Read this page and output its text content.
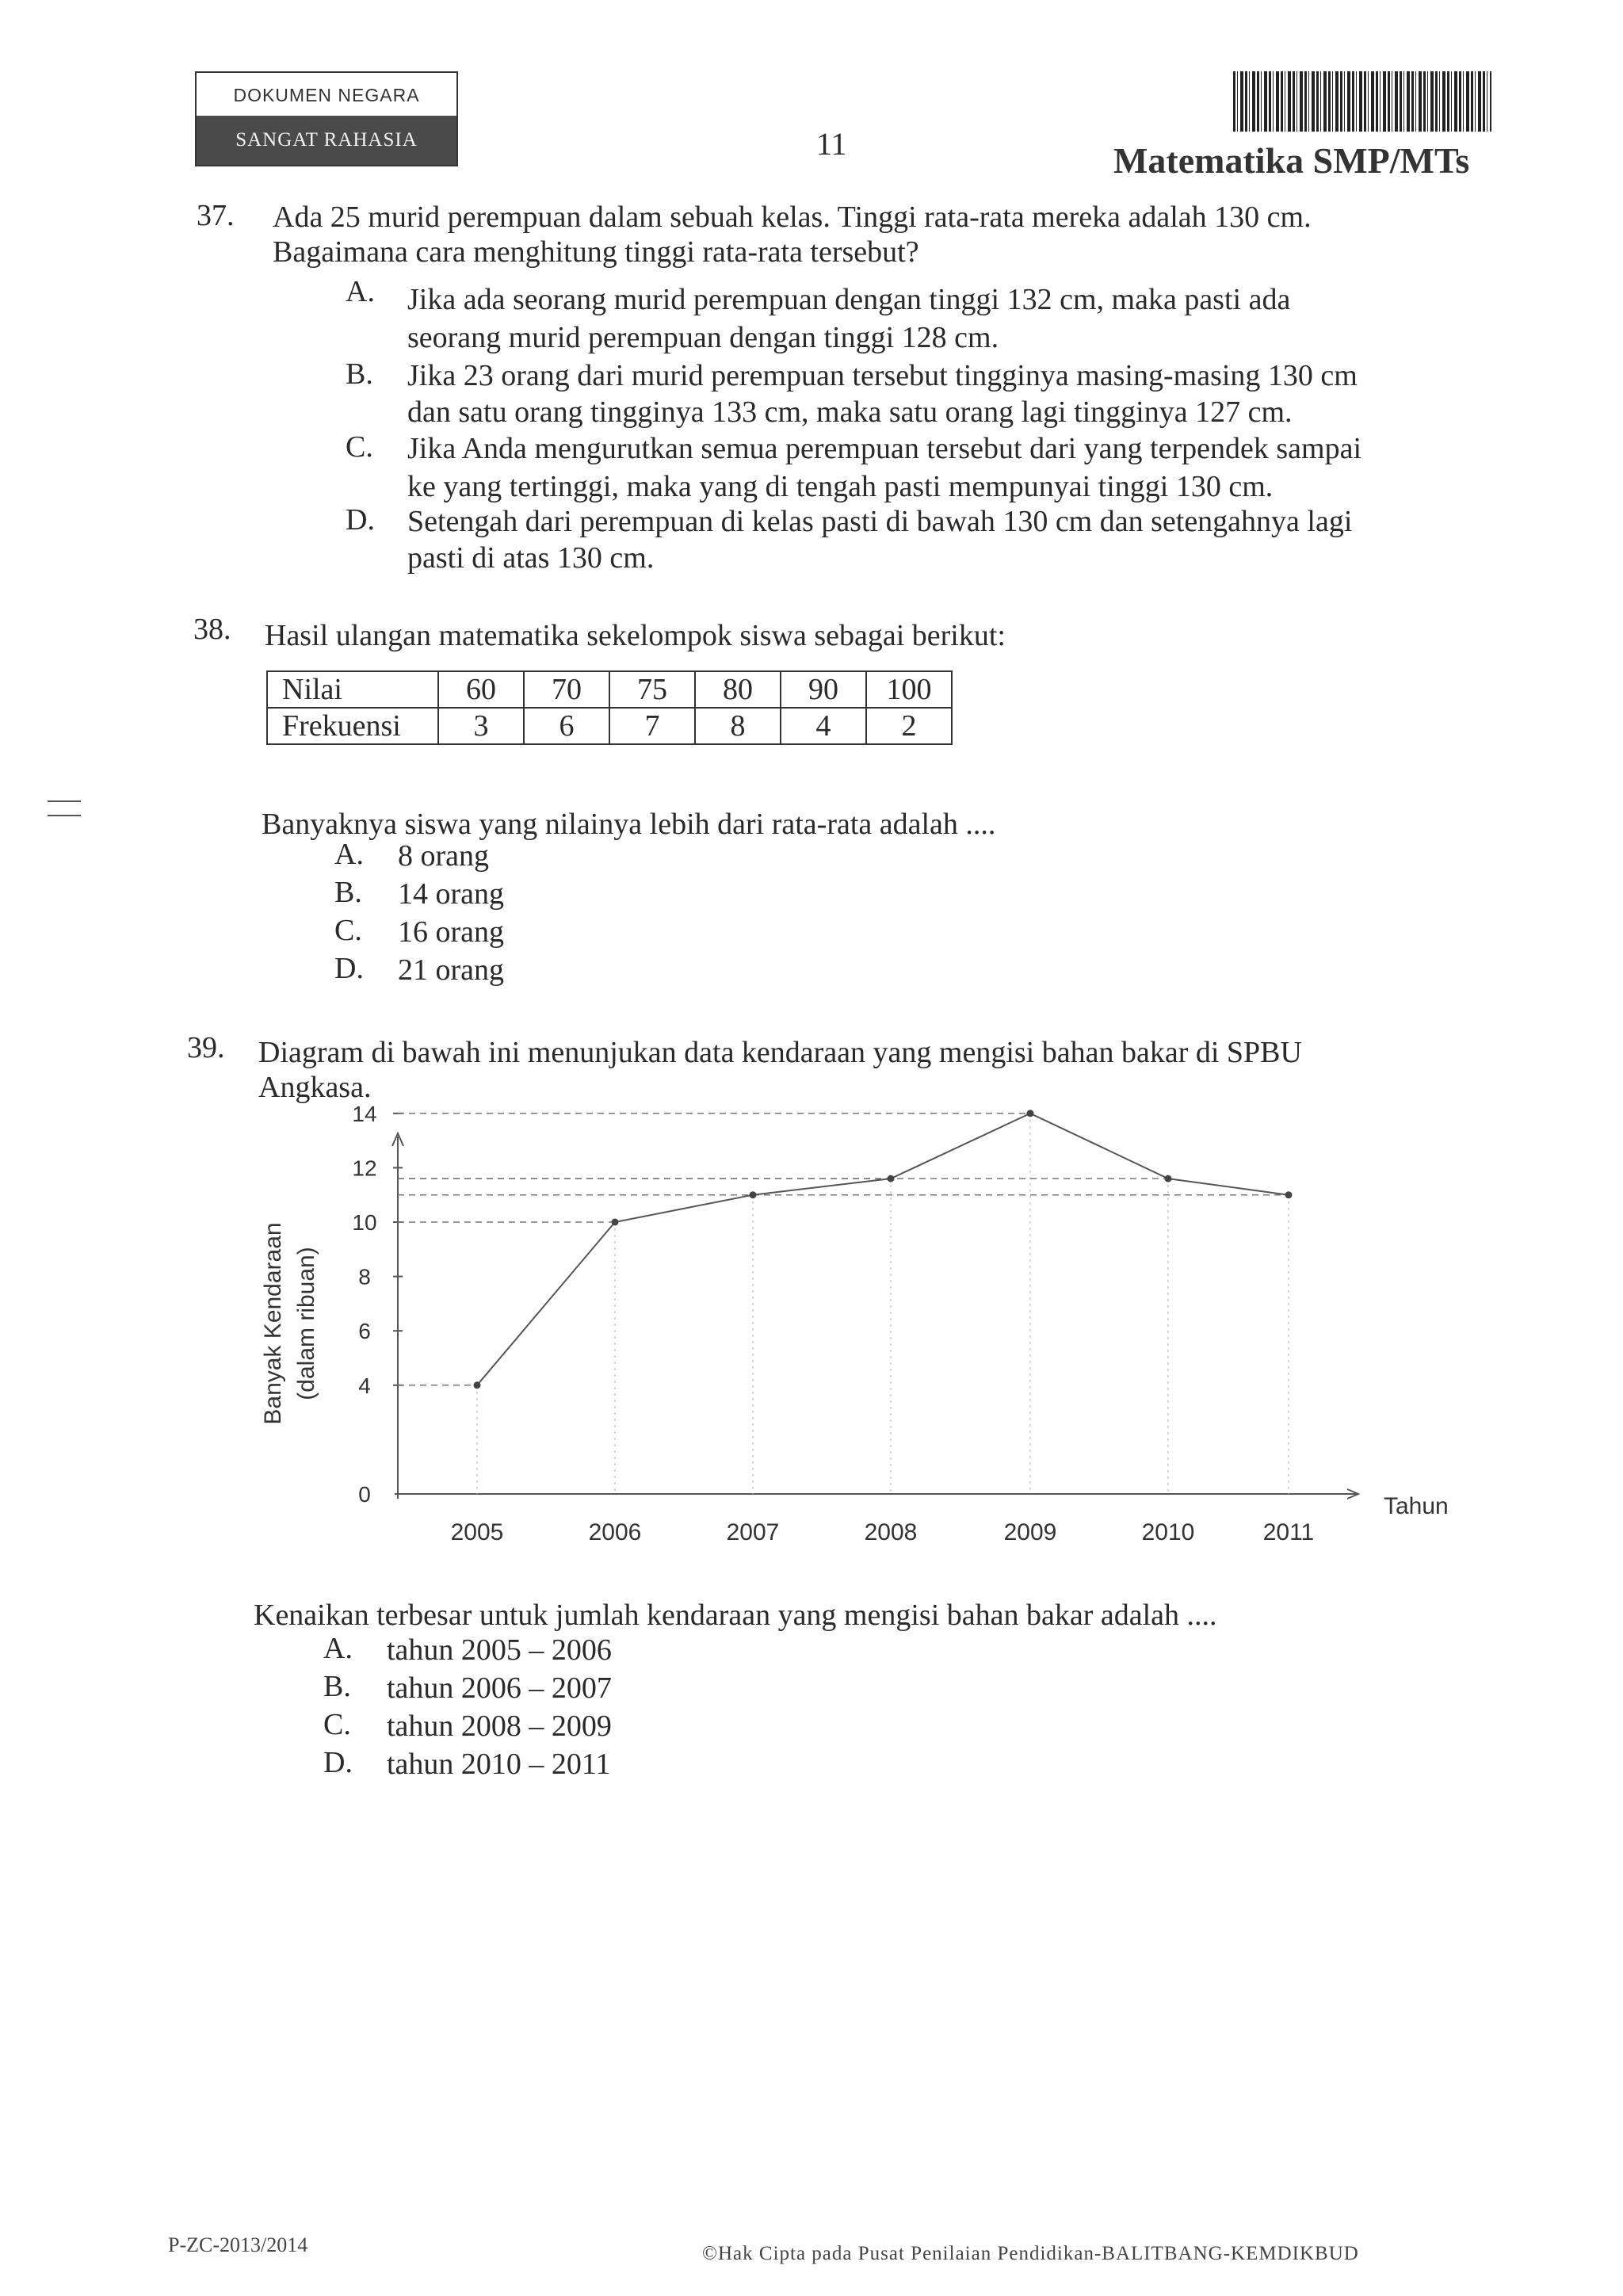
DOKUMEN NEGARA
SANGAT RAHASIA	11	Matematika SMP/MTs
37. Ada 25 murid perempuan dalam sebuah kelas. Tinggi rata-rata mereka adalah 130 cm.
Bagaimana cara menghitung tinggi rata-rata tersebut?
A. Jika ada seorang murid perempuan dengan tinggi 132 cm, maka pasti ada
seorang murid perempuan dengan tinggi 128 cm.
B. Jika 23 orang dari murid perempuan tersebut tingginya masing-masing 130 cm
dan satu orang tingginya 133 cm, maka satu orang lagi tingginya 127 cm.
C. Jika Anda mengurutkan semua perempuan tersebut dari yang terpendek sampai
ke yang tertinggi, maka yang di tengah pasti mempunyai tinggi 130 cm.
D. Setengah dari perempuan di kelas pasti di bawah 130 cm dan setengahnya lagi
pasti di atas 130 cm.
38. Hasil ulangan matematika sekelompok siswa sebagai berikut:
Nilai	60	70	75	80	90	100
Frekuensi	3	6	7	8	4	2
Banyaknya siswa yang nilainya lebih dari rata-rata adalah ....
A. 8 orang
B. 14 orang
C. 16 orang
D. 21 orang
39. Diagram di bawah ini menunjukan data kendaraan yang mengisi bahan bakar di SPBU
Angkasa.
0
4
6
8
10
12
14
Banyak Kendaraan (dalam ribuan)
Tahun
2005	2006	2007	2008	2009	2010	2011
Kenaikan terbesar untuk jumlah kendaraan yang mengisi bahan bakar adalah ....
A. tahun 2005 – 2006
B. tahun 2006 – 2007
C. tahun 2008 – 2009
D. tahun 2010 – 2011
P-ZC-2013/2014	©Hak Cipta pada Pusat Penilaian Pendidikan-BALITBANG-KEMDIKBUD
